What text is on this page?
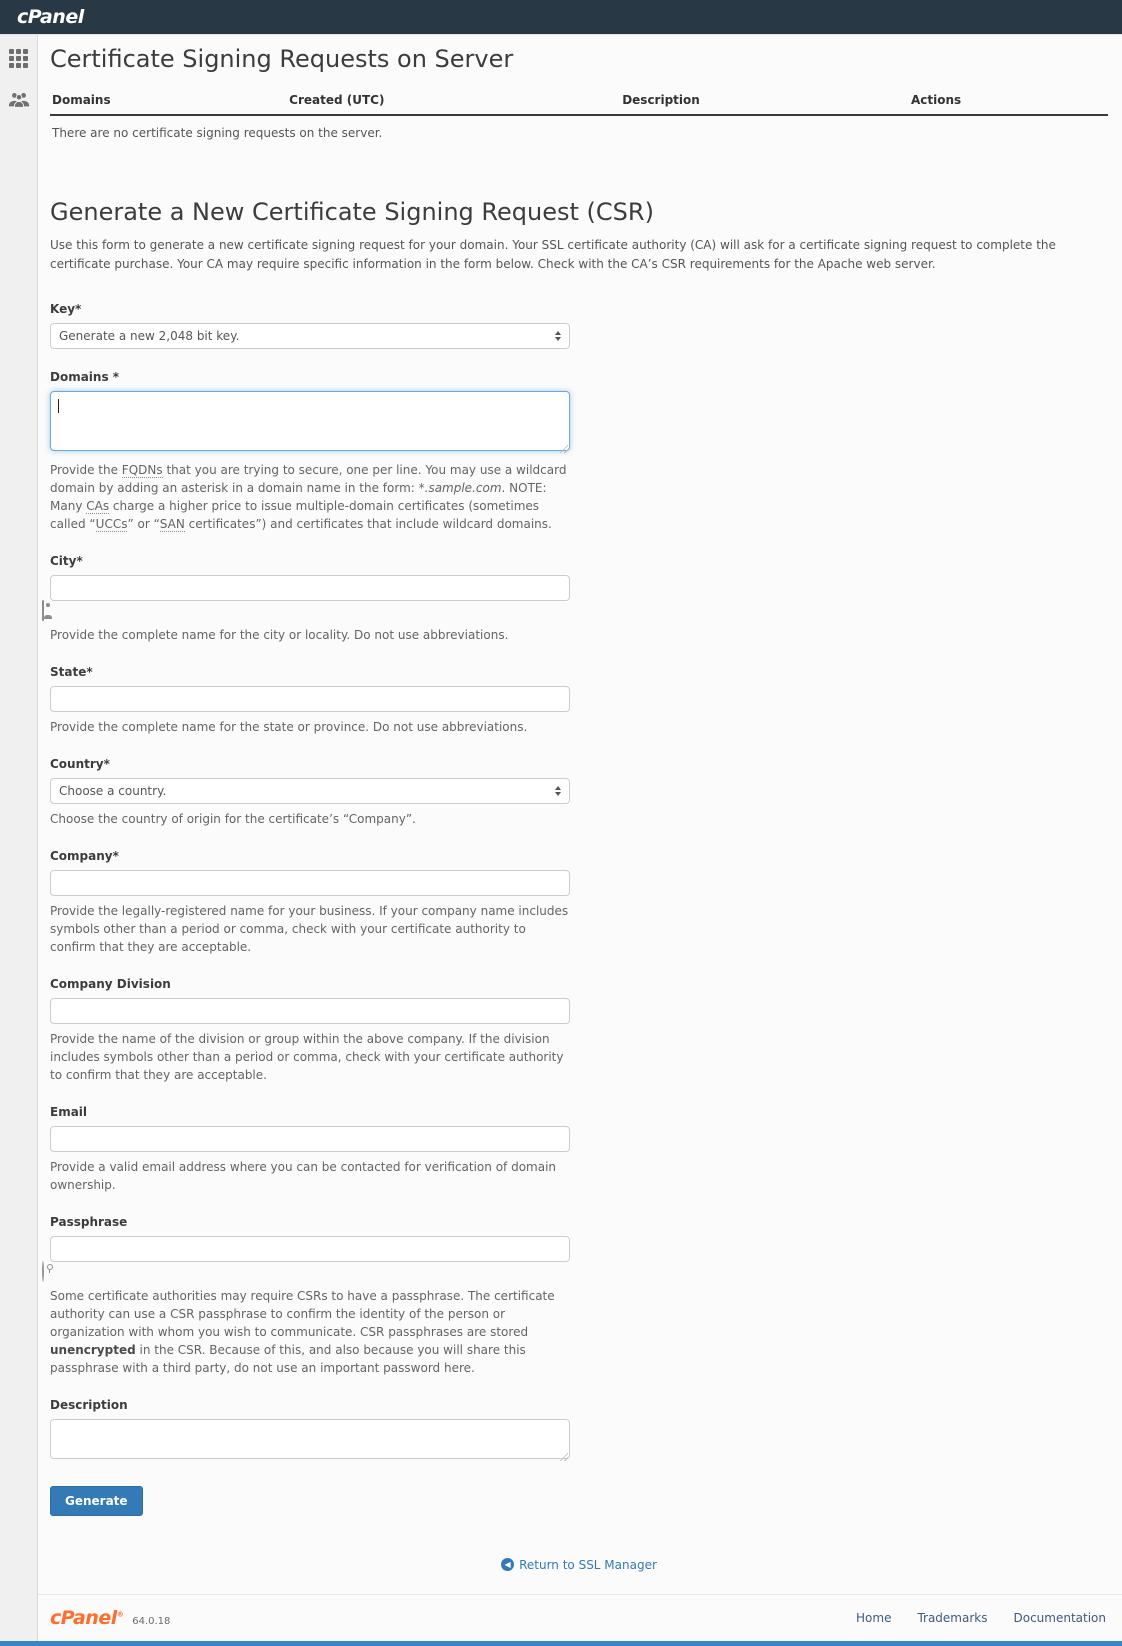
cPanel
Certificate Signing Requests on Server
Domains	Created (UTC)	Description	Actions
There are no certificate signing requests on the server.
Generate a New Certificate Signing Request (CSR)

Use this form to generate a new certificate signing request for your domain. Your SSL certificate authority (CA) will ask for a certificate signing request to complete the certificate purchase. Your CA may require specific information in the form below. Check with the CA’s CSR requirements for the Apache web server.

Key*
Generate a new 2,048 bit key.
Domains *
Provide the FQDNs that you are trying to secure, one per line. You may use a wildcard domain by adding an asterisk in a domain name in the form: *.sample.com. NOTE: Many CAs charge a higher price to issue multiple-domain certificates (sometimes called “UCCs” or “SAN certificates”) and certificates that include wildcard domains.
City*
Provide the complete name for the city or locality. Do not use abbreviations.
State*
Provide the complete name for the state or province. Do not use abbreviations.
Country*
Choose a country.
Choose the country of origin for the certificate’s “Company”.
Company*
Provide the legally-registered name for your business. If your company name includes symbols other than a period or comma, check with your certificate authority to confirm that they are acceptable.
Company Division
Provide the name of the division or group within the above company. If the division includes symbols other than a period or comma, check with your certificate authority to confirm that they are acceptable.
Email
Provide a valid email address where you can be contacted for verification of domain ownership.
Passphrase
Some certificate authorities may require CSRs to have a passphrase. The certificate authority can use a CSR passphrase to confirm the identity of the person or organization with whom you wish to communicate. CSR passphrases are stored unencrypted in the CSR. Because of this, and also because you will share this passphrase with a third party, do not use an important password here.
Description
Generate
◀ Return to SSL Manager
cPanel®
64.0.18	Home Trademarks Documentation
